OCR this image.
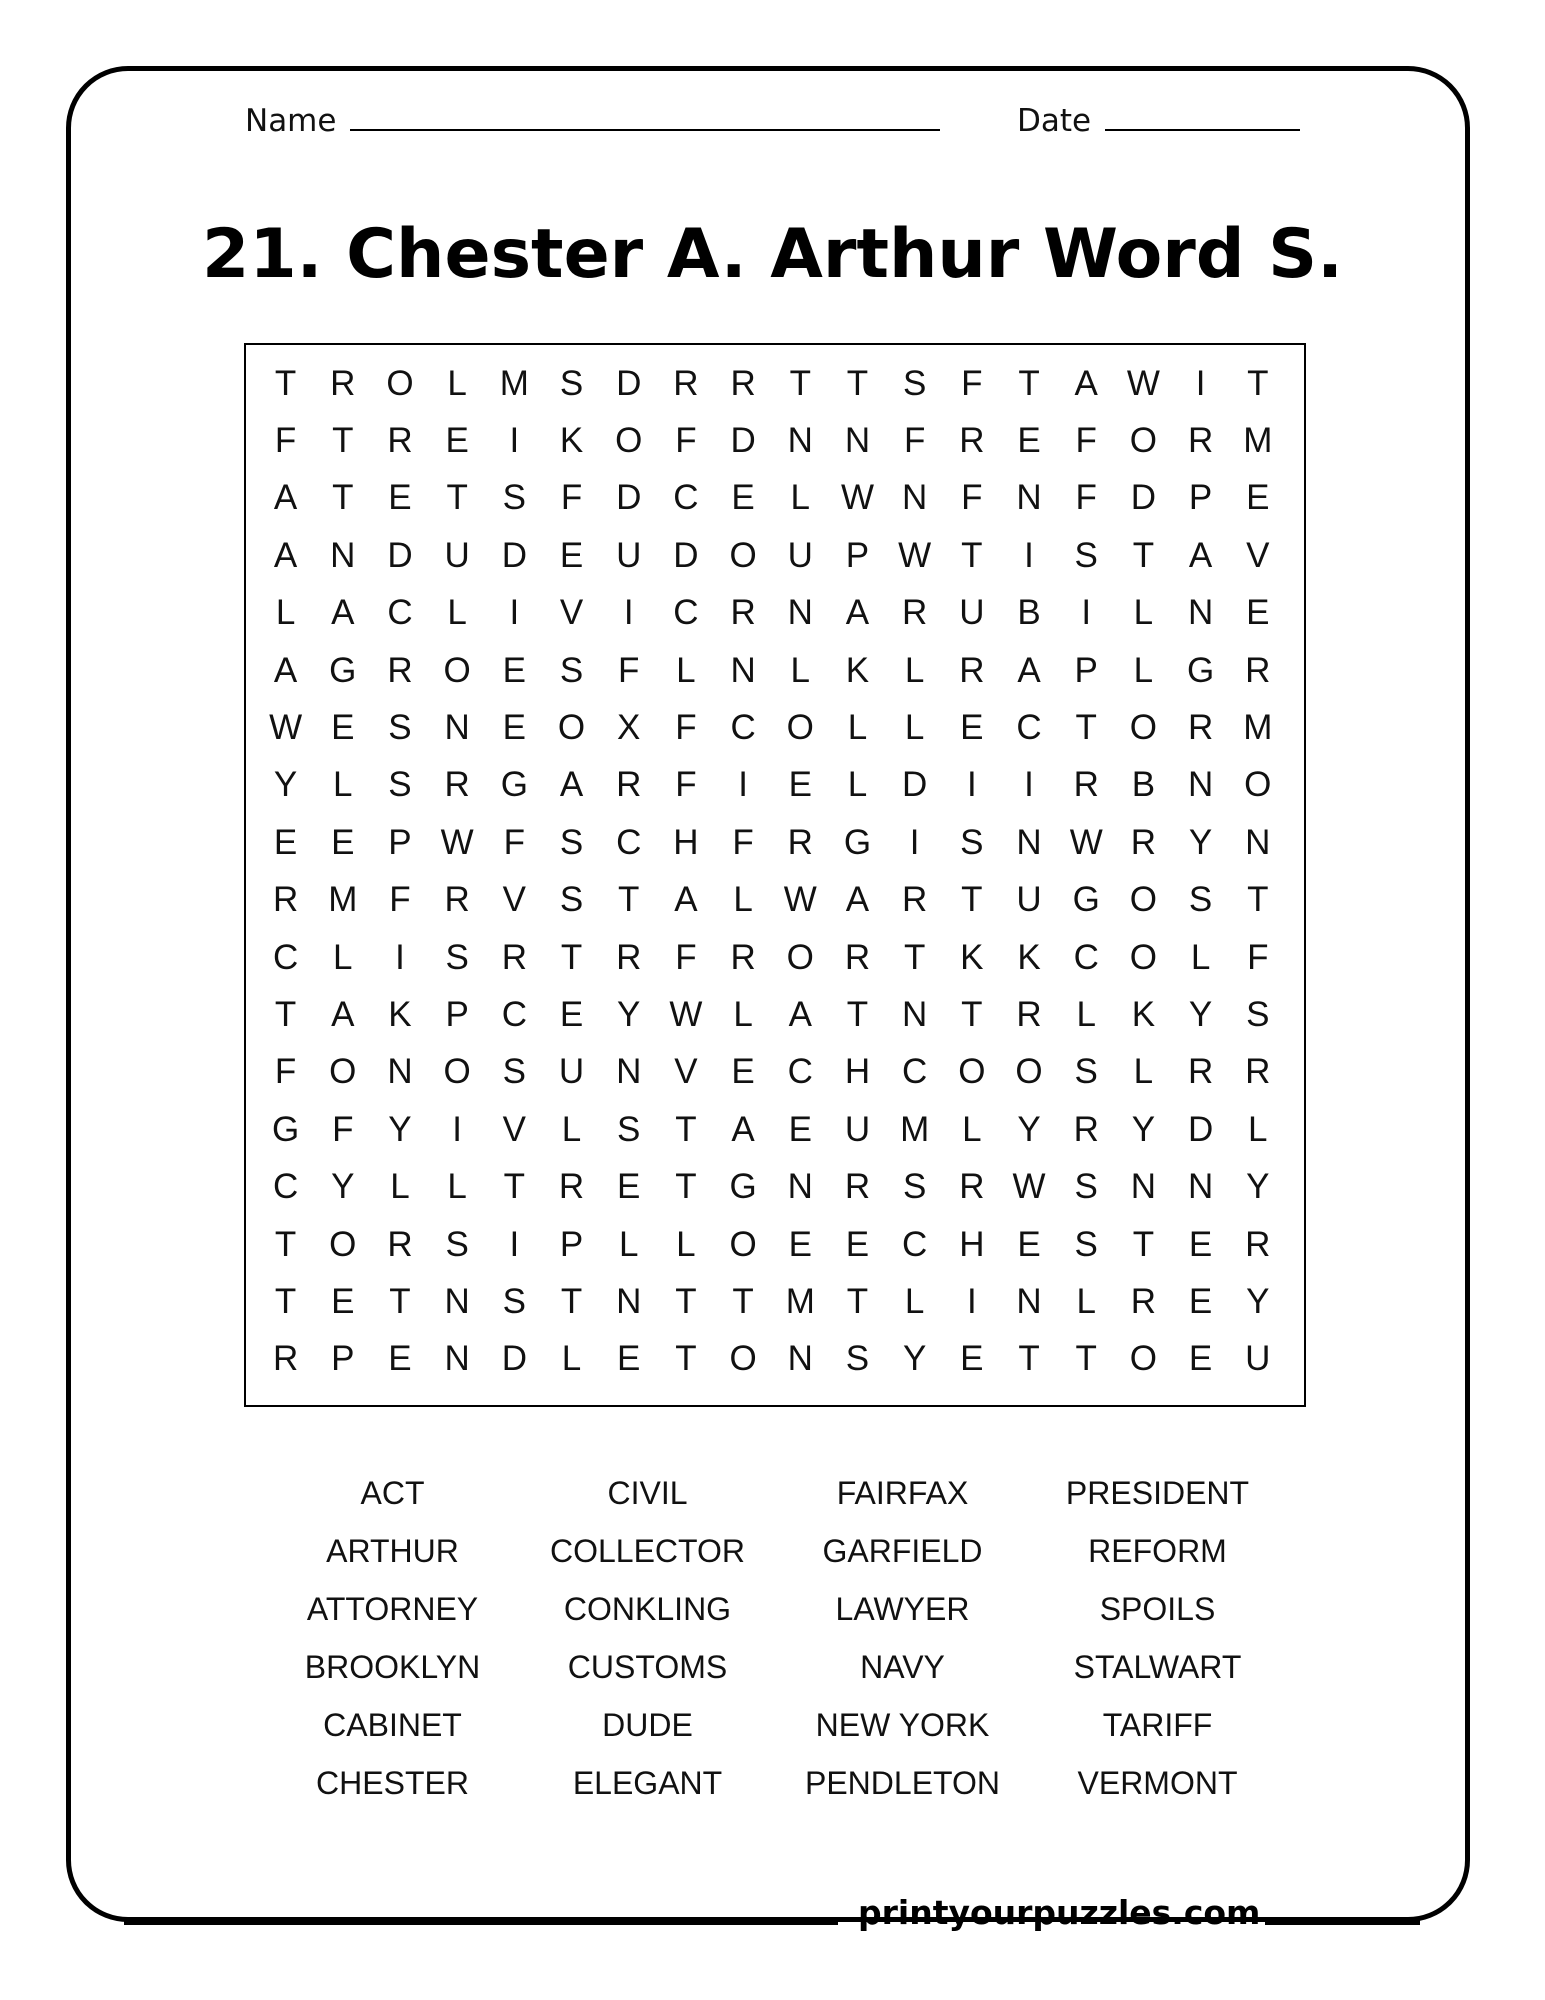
Name	Date
21. Chester A. Arthur Word S.
T R O L M S D R R T	T S F	T A W	I	T
F	T R E	I	K O F D N N F R E F O R M
A T E T S F D C E	L W N F N F D P E
A N D U D E U D O U P W T	I	S T A V
L	A C L	I	V	I	C R N A R U B	I	L N E
A G R O E S F	L N L	K	L R A P	L G R
W E S N E O X F C O L	L	E C T O R M
Y	L	S R G A R F	I	E	L D	I	I	R B N O
E E P W F S C H F R G	I	S N W R Y N
R M F R V S T A	L W A R T U G O S T
C L	I	S R T R F R O R T K K C O L	F
T A K P C E Y W L	A T N T R L	K Y S
F O N O S U N V E C H C O O S	L R R
G F Y	I	V	L	S T A E U M L	Y R Y D L
C Y	L	L	T R E T G N R S R W S N N Y
T O R S	I	P	L	L O E E C H E S T E R
T E T N S T N T	T M T	L	I	N L R E Y
R P E N D L	E T O N S Y E T	T O E U
ACT	CIVIL	FAIRFAX	PRESIDENT
ARTHUR	COLLECTOR	GARFIELD	REFORM
ATTORNEY	CONKLING	LAWYER	SPOILS
BROOKLYN	CUSTOMS	NAVY	STALWART
CABINET	DUDE	NEW YORK	TARIFF
CHESTER	ELEGANT	PENDLETON	VERMONT
printyourpuzzles.com
